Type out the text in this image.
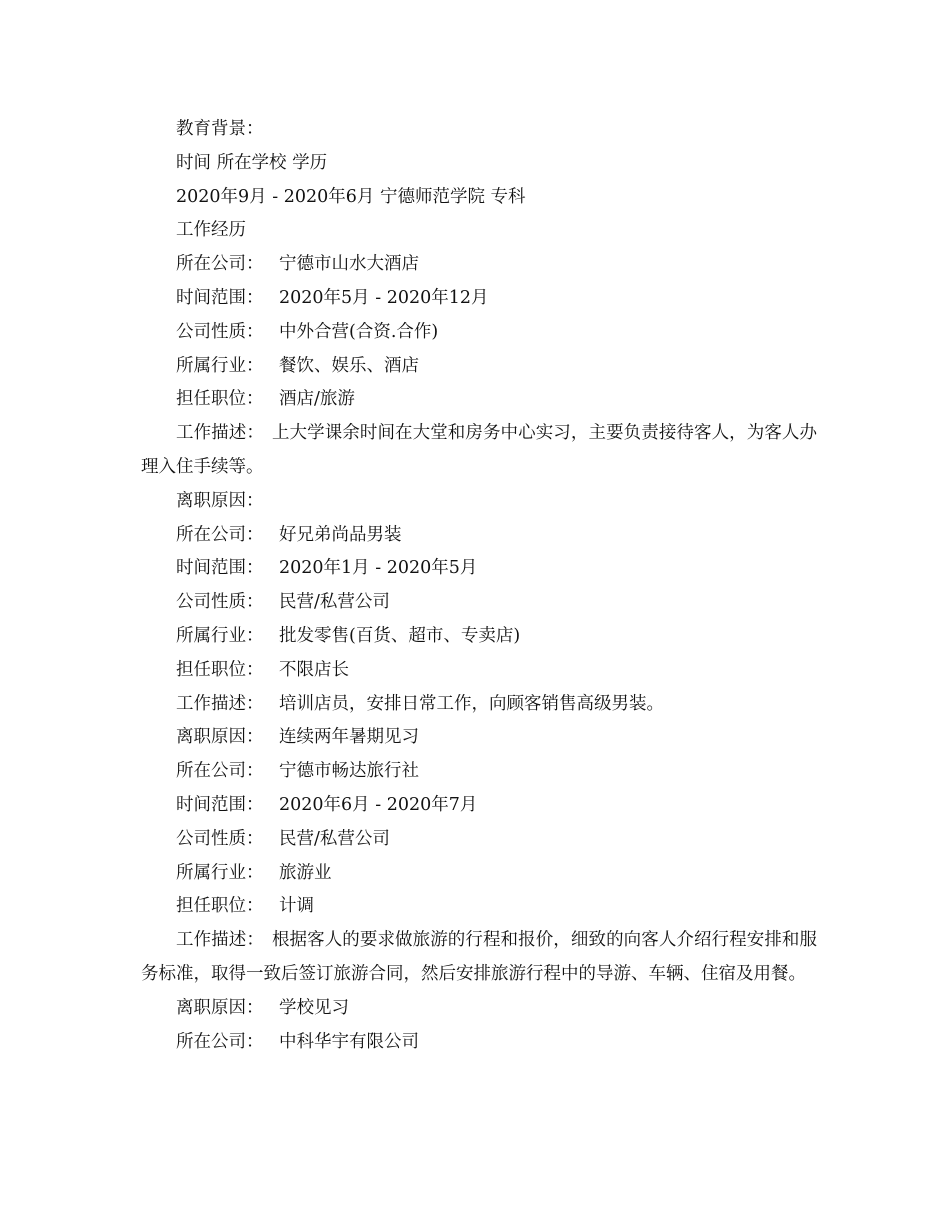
教育背景：

时间 所在学校 学历

2020年9月 - 2020年6月 宁德师范学院 专科

工作经历

所在公司： 宁德市山水大酒店

时间范围： 2020年5月 - 2020年12月

公司性质： 中外合营(合资.合作)

所属行业： 餐饮、娱乐、酒店

担任职位： 酒店/旅游

工作描述： 上大学课余时间在大堂和房务中心实习，主要负责接待客人，为客人办理入住手续等。

离职原因：

所在公司： 好兄弟尚品男装

时间范围： 2020年1月 - 2020年5月

公司性质： 民营/私营公司

所属行业： 批发零售(百货、超市、专卖店)

担任职位： 不限店长

工作描述： 培训店员，安排日常工作，向顾客销售高级男装。

离职原因： 连续两年暑期见习

所在公司： 宁德市畅达旅行社

时间范围： 2020年6月 - 2020年7月

公司性质： 民营/私营公司

所属行业： 旅游业

担任职位： 计调

工作描述： 根据客人的要求做旅游的行程和报价，细致的向客人介绍行程安排和服务标准，取得一致后签订旅游合同，然后安排旅游行程中的导游、车辆、住宿及用餐。

离职原因： 学校见习

所在公司： 中科华宇有限公司
